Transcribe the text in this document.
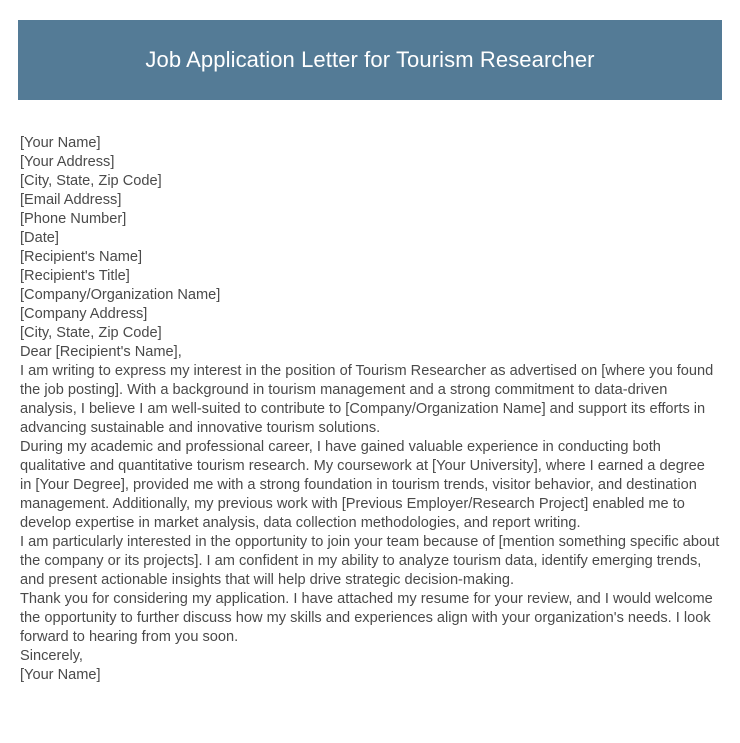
Job Application Letter for Tourism Researcher

[Your Name]

[Your Address]

[City, State, Zip Code]

[Email Address]

[Phone Number]

[Date]

[Recipient's Name]

[Recipient's Title]

[Company/Organization Name]

[Company Address]

[City, State, Zip Code]

Dear [Recipient's Name],

I am writing to express my interest in the position of Tourism Researcher as advertised on [where you found the job posting]. With a background in tourism management and a strong commitment to data-driven analysis, I believe I am well-suited to contribute to [Company/Organization Name] and support its efforts in advancing sustainable and innovative tourism solutions.

During my academic and professional career, I have gained valuable experience in conducting both qualitative and quantitative tourism research. My coursework at [Your University], where I earned a degree in [Your Degree], provided me with a strong foundation in tourism trends, visitor behavior, and destination management. Additionally, my previous work with [Previous Employer/Research Project] enabled me to develop expertise in market analysis, data collection methodologies, and report writing.

I am particularly interested in the opportunity to join your team because of [mention something specific about the company or its projects]. I am confident in my ability to analyze tourism data, identify emerging trends, and present actionable insights that will help drive strategic decision-making.

Thank you for considering my application. I have attached my resume for your review, and I would welcome the opportunity to further discuss how my skills and experiences align with your organization's needs. I look forward to hearing from you soon.

Sincerely,

[Your Name]
